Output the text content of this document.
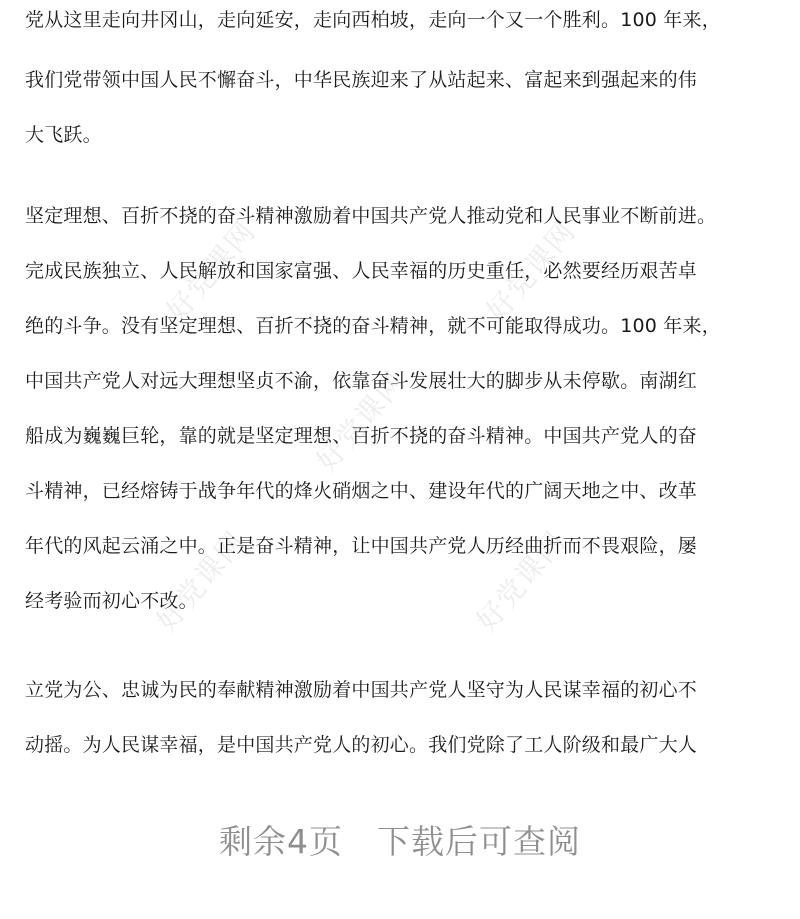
好党课网	好党课网
好党课网
好党课网	好党课网
党从这里走向井冈山，走向延安，走向西柏坡，走向一个又一个胜利。100 年来，
我们党带领中国人民不懈奋斗，中华民族迎来了从站起来、富起来到强起来的伟
大飞跃。
坚定理想、百折不挠的奋斗精神激励着中国共产党人推动党和人民事业不断前进。
完成民族独立、人民解放和国家富强、人民幸福的历史重任，必然要经历艰苦卓
绝的斗争。没有坚定理想、百折不挠的奋斗精神，就不可能取得成功。100 年来，
中国共产党人对远大理想坚贞不渝，依靠奋斗发展壮大的脚步从未停歇。南湖红
船成为巍巍巨轮，靠的就是坚定理想、百折不挠的奋斗精神。中国共产党人的奋
斗精神，已经熔铸于战争年代的烽火硝烟之中、建设年代的广阔天地之中、改革
年代的风起云涌之中。正是奋斗精神，让中国共产党人历经曲折而不畏艰险，屡
经考验而初心不改。
立党为公、忠诚为民的奉献精神激励着中国共产党人坚守为人民谋幸福的初心不
动摇。为人民谋幸福，是中国共产党人的初心。我们党除了工人阶级和最广大人
剩余4页 下载后可查阅
